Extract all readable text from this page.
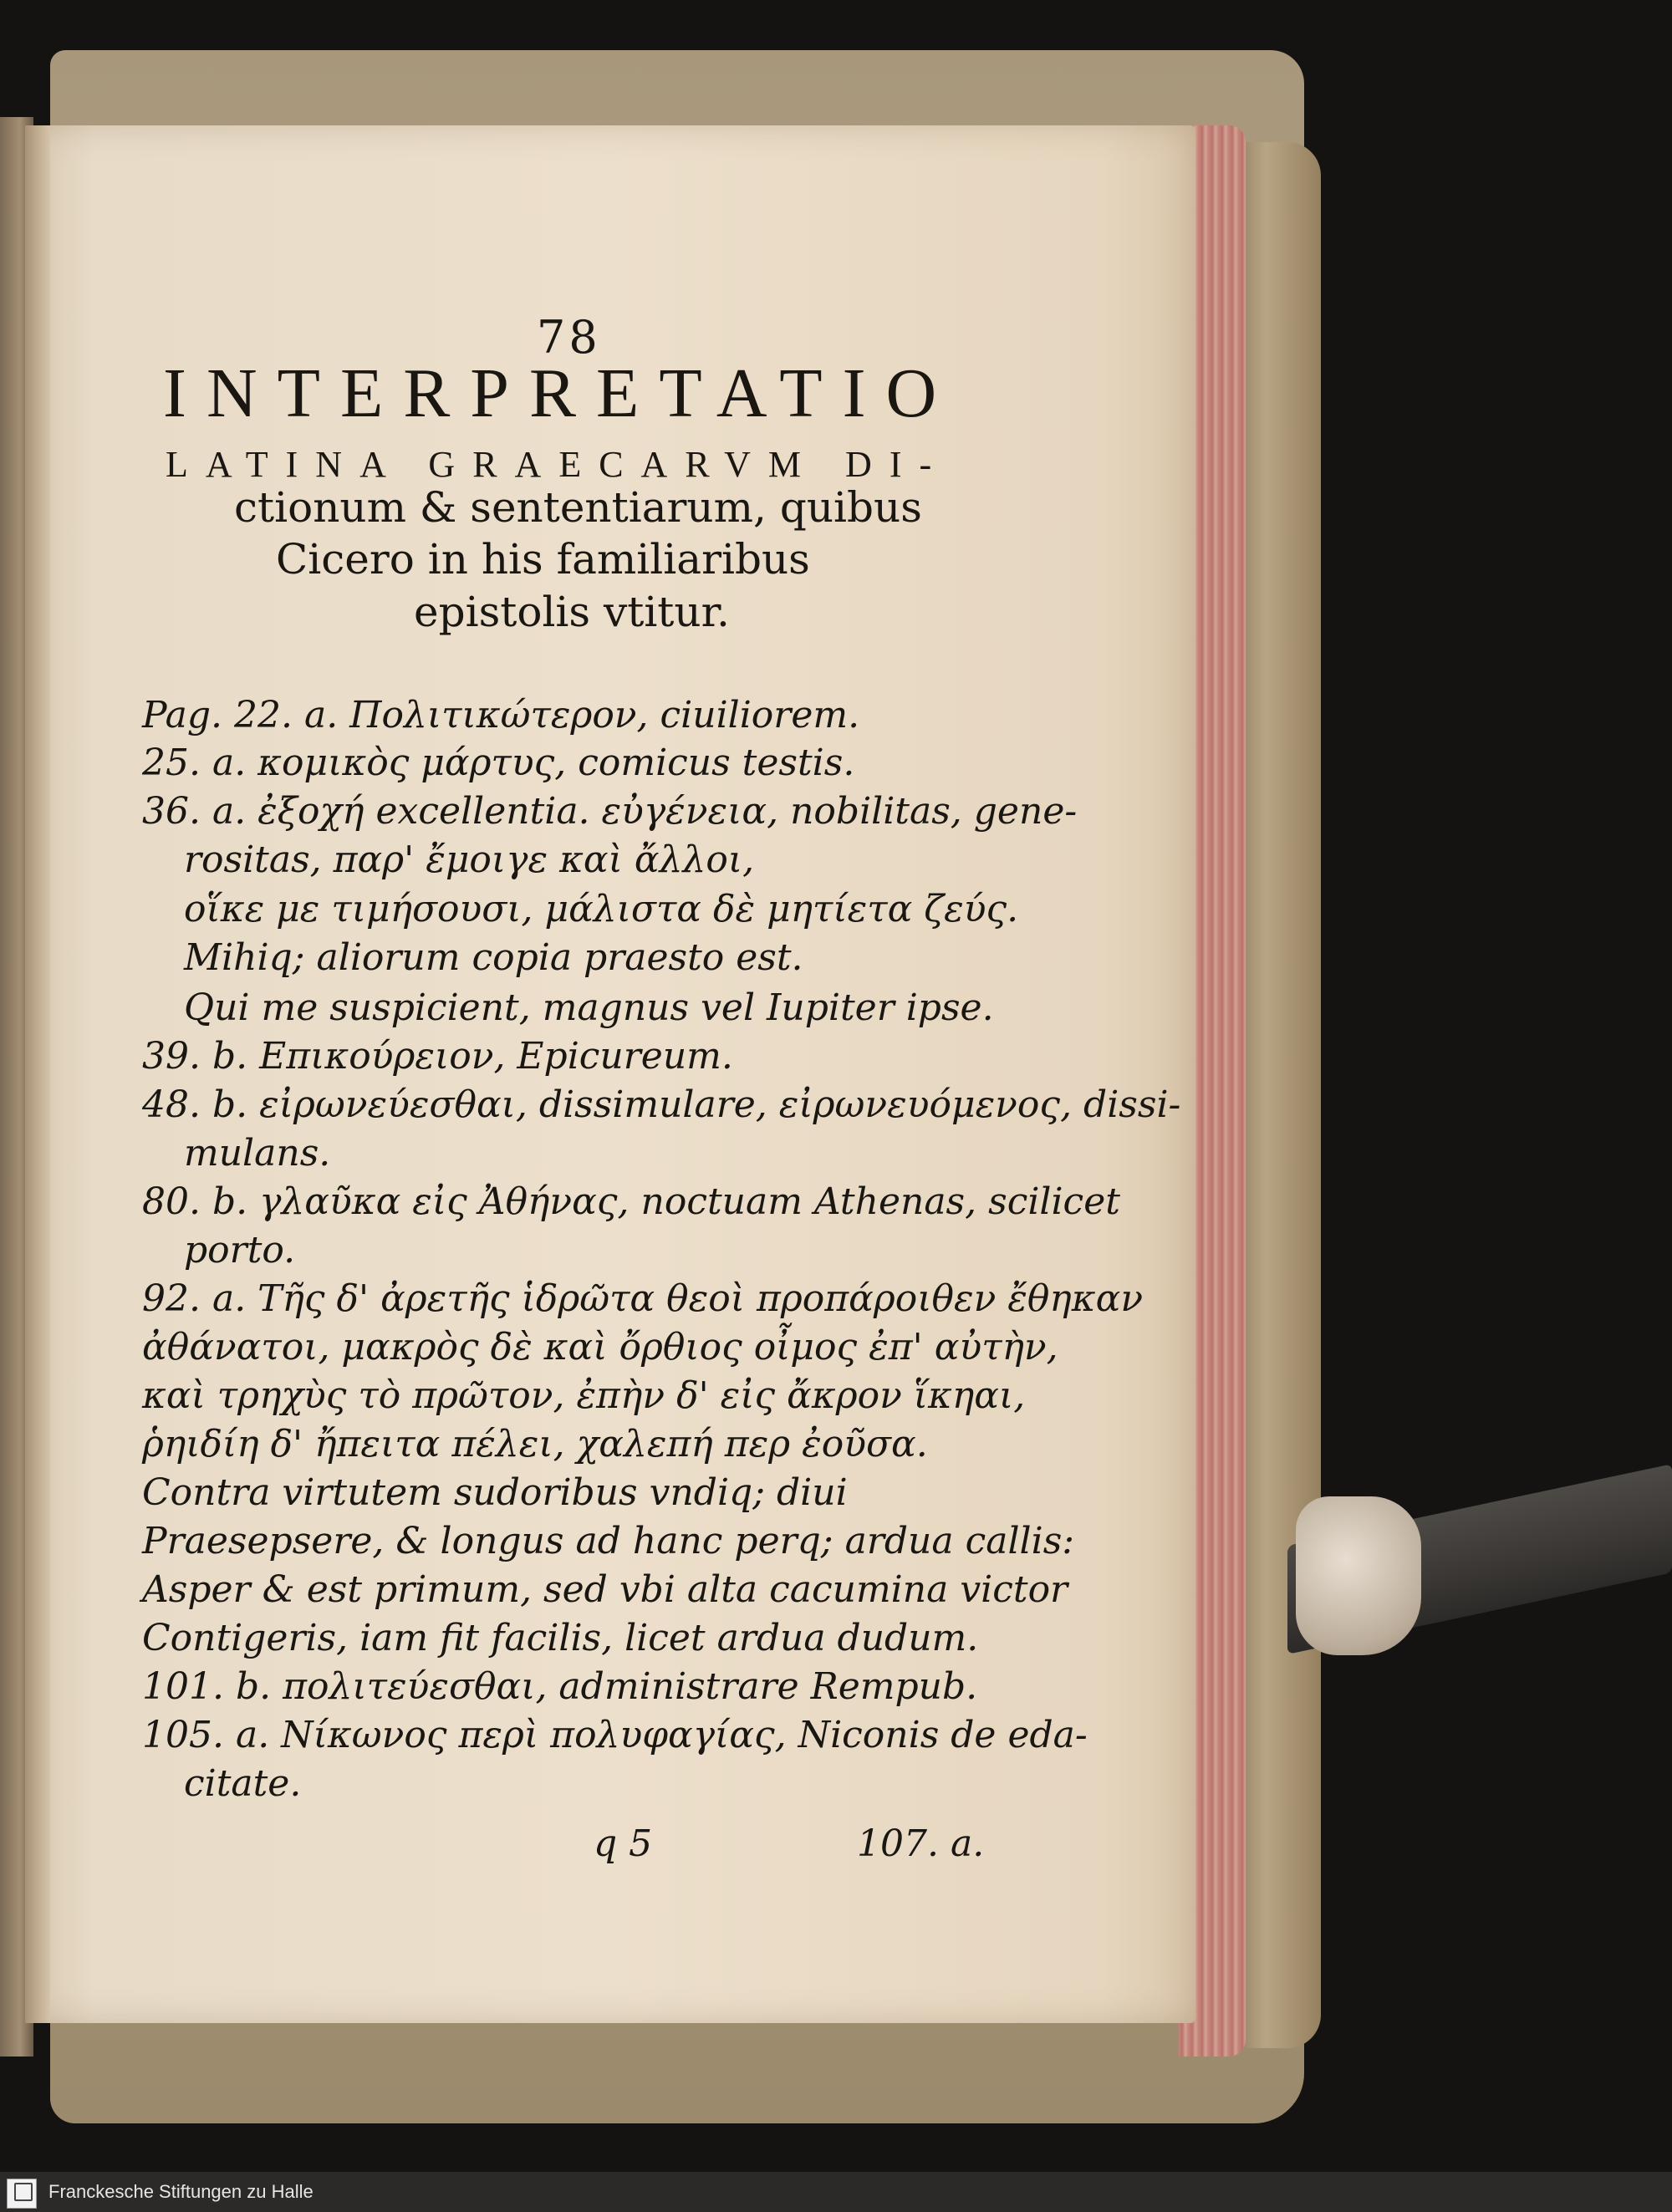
78
INTERPRETATIO
LATINA GRAECARVM DI-
ctionum & sententiarum, quibus
Cicero in his familiaribus
epistolis vtitur.
Pag. 22. a. Πολιτικώτερον, ciuiliorem.
25. a. κομικὸς μάρτυς, comicus testis.
36. a. ἐξοχή excellentia. εὐγένεια, nobilitas, gene-
rositas, παρ' ἔμοιγε καὶ ἄλλοι,
οἵκε με τιμήσουσι, μάλιστα δὲ μητίετα ζεύς.
Mihiq; aliorum copia praesto est.
Qui me suspicient, magnus vel Iupiter ipse.
39. b. Επικούρειον, Epicureum.
48. b. εἰρωνεύεσθαι, dissimulare, εἰρωνευόμενος, dissi-
mulans.
80. b. γλαῦκα εἰς Ἀθήνας, noctuam Athenas, scilicet
porto.
92. a. Τῆς δ' ἀρετῆς ἱδρῶτα θεοὶ προπάροιθεν ἔθηκαν
ἀθάνατοι, μακρὸς δὲ καὶ ὄρθιος οἶμος ἐπ' αὐτὴν,
καὶ τρηχὺς τὸ πρῶτον, ἐπὴν δ' εἰς ἄκρον ἵκηαι,
ῥηιδίη δ' ἤπειτα πέλει, χαλεπή περ ἐοῦσα.
Contra virtutem sudoribus vndiq; diui
Praesepsere, & longus ad hanc perq; ardua callis:
Asper & est primum, sed vbi alta cacumina victor
Contigeris, iam fit facilis, licet ardua dudum.
101. b. πολιτεύεσθαι, administrare Rempub.
105. a. Νίκωνος περὶ πολυφαγίας, Niconis de eda-
citate.
q 5	107. a.
Franckesche Stiftungen zu Halle
